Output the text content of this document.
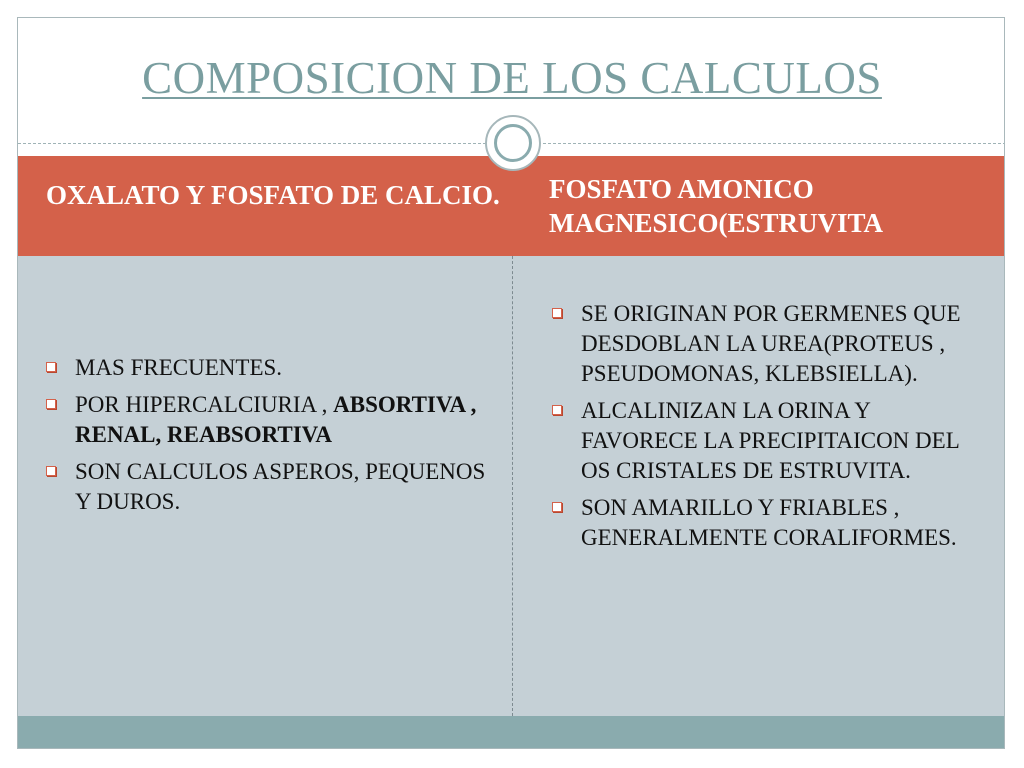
COMPOSICION DE LOS CALCULOS
OXALATO Y FOSFATO DE CALCIO.	FOSFATO AMONICO MAGNESICO(ESTRUVITA
MAS FRECUENTES.
POR HIPERCALCIURIA , ABSORTIVA , RENAL, REABSORTIVA
SON CALCULOS ASPEROS, PEQUENOS Y DUROS.
SE ORIGINAN POR GERMENES QUE DESDOBLAN LA UREA(PROTEUS , PSEUDOMONAS, KLEBSIELLA).
ALCALINIZAN LA ORINA Y FAVORECE LA PRECIPITAICON DEL OS CRISTALES DE ESTRUVITA.
SON AMARILLO Y FRIABLES , GENERALMENTE CORALIFORMES.
